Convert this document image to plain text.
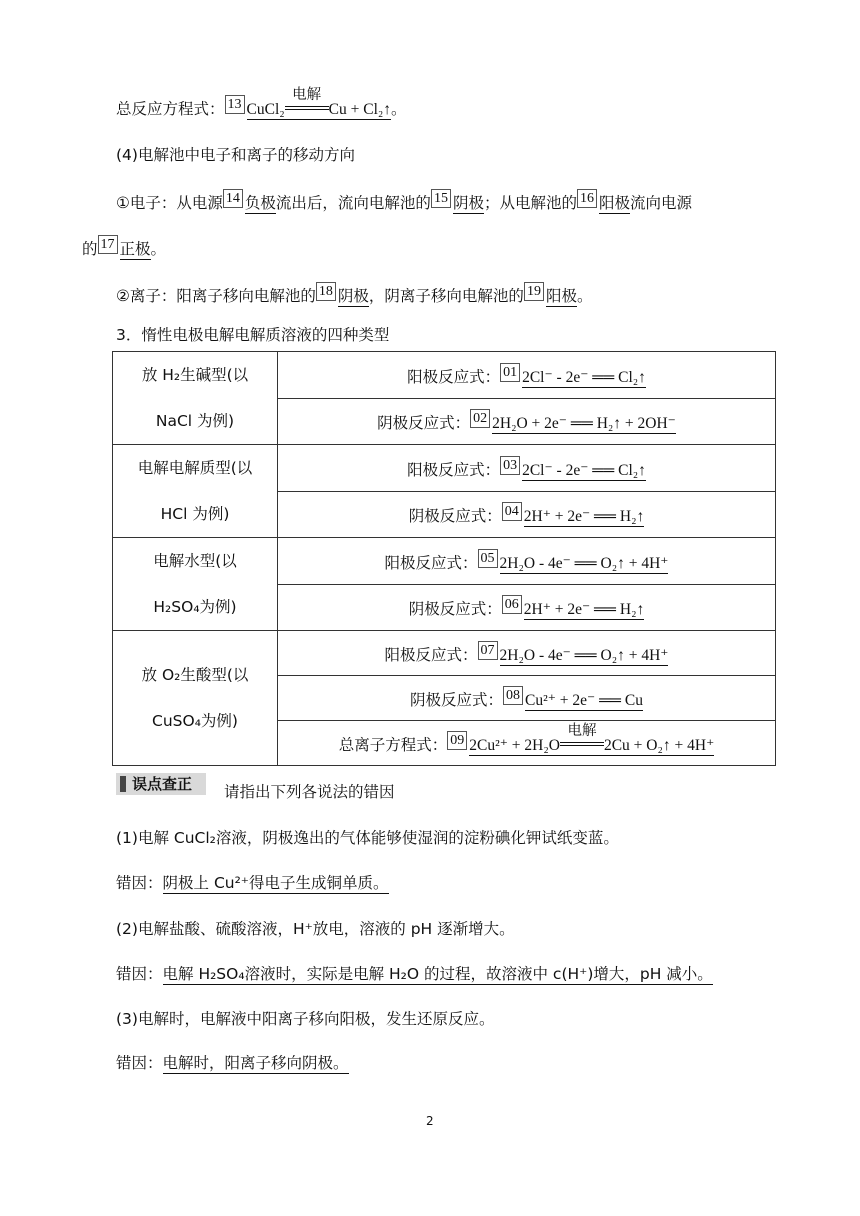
总反应方程式： 13 CuCl₂
电解
Cu + Cl₂↑。
(4)电解池中电子和离子的移动方向
①电子：从电源 14 负极流出后，流向电解池的 15 阴极；从电解池的 16 阳极流向电源
的 17 正极。
②离子：阳离子移向电解池的 18 阴极，阴离子移向电解池的 19 阳极。
3．惰性电极电解电解质溶液的四种类型
放 H₂生碱型(以
NaCl 为例)	阳极反应式： 01 2Cl⁻ - 2e⁻ ══ Cl₂↑
	阴极反应式： 02 2H₂O + 2e⁻ ══ H₂↑ + 2OH⁻

电解电解质型(以
HCl 为例)	阳极反应式： 03 2Cl⁻ - 2e⁻ ══ Cl₂↑
	阴极反应式： 04 2H⁺ + 2e⁻ ══ H₂↑

电解水型(以
H₂SO₄为例)	阳极反应式： 05 2H₂O - 4e⁻ ══ O₂↑ + 4H⁺
	阴极反应式： 06 2H⁺ + 2e⁻ ══ H₂↑

放 O₂生酸型(以
CuSO₄为例)	阳极反应式： 07 2H₂O - 4e⁻ ══ O₂↑ + 4H⁺
	阴极反应式： 08 Cu²⁺ + 2e⁻ ══ Cu
	总离子方程式： 09 2Cu²⁺ + 2H₂O
电解
2Cu + O₂↑ + 4H⁺
误点查正	请指出下列各说法的错因
(1)电解 CuCl₂溶液，阴极逸出的气体能够使湿润的淀粉碘化钾试纸变蓝。
错因：阴极上 Cu²⁺得电子生成铜单质。
(2)电解盐酸、硫酸溶液，H⁺放电，溶液的 pH 逐渐增大。
错因：电解 H₂SO₄溶液时，实际是电解 H₂O 的过程，故溶液中 c(H⁺)增大，pH 减小。
(3)电解时，电解液中阳离子移向阳极，发生还原反应。
错因：电解时，阳离子移向阴极。
2
